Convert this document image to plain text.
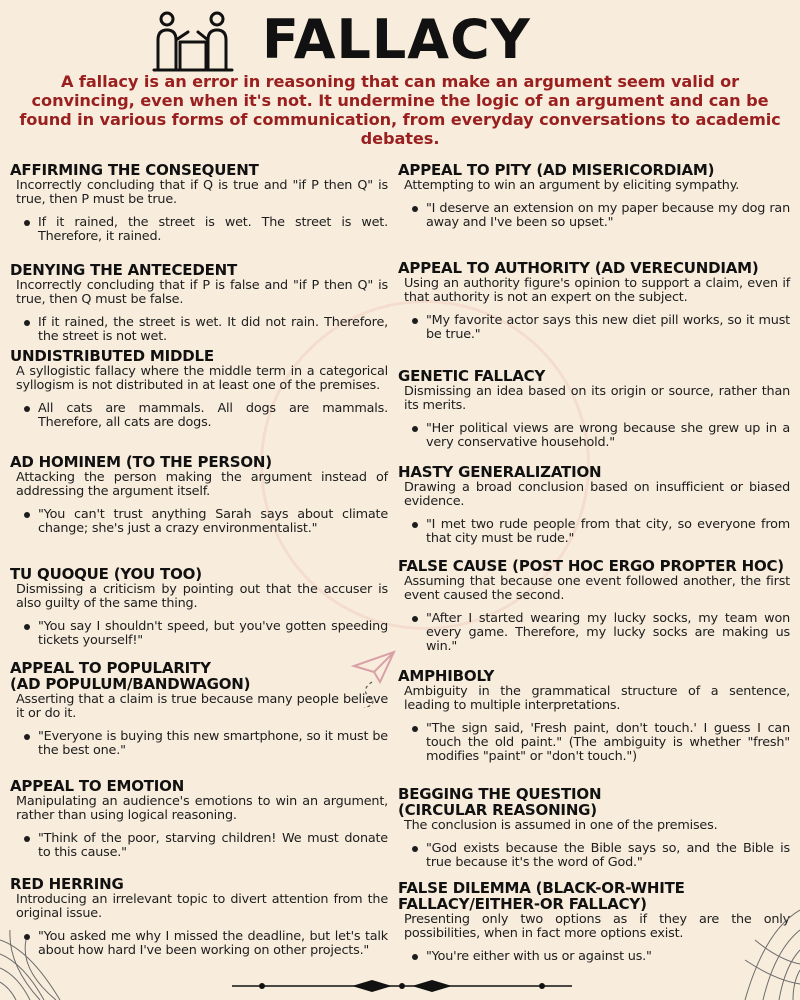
FALLACY
A fallacy is an error in reasoning that can make an argument seem valid or convincing, even when it's not. It undermine the logic of an argument and can be found in various forms of communication, from everyday conversations to academic debates.
AFFIRMING THE CONSEQUENT
Incorrectly concluding that if Q is true and "if P then Q" is true, then P must be true.
If it rained, the street is wet. The street is wet. Therefore, it rained.
DENYING THE ANTECEDENT
Incorrectly concluding that if P is false and "if P then Q" is true, then Q must be false.
If it rained, the street is wet. It did not rain. Therefore, the street is not wet.
UNDISTRIBUTED MIDDLE
A syllogistic fallacy where the middle term in a categorical syllogism is not distributed in at least one of the premises.
All cats are mammals. All dogs are mammals. Therefore, all cats are dogs.
AD HOMINEM (TO THE PERSON)
Attacking the person making the argument instead of addressing the argument itself.
"You can't trust anything Sarah says about climate change; she's just a crazy environmentalist."
TU QUOQUE (YOU TOO)
Dismissing a criticism by pointing out that the accuser is also guilty of the same thing.
"You say I shouldn't speed, but you've gotten speeding tickets yourself!"
APPEAL TO POPULARITY
(AD POPULUM/BANDWAGON)
Asserting that a claim is true because many people believe it or do it.
"Everyone is buying this new smartphone, so it must be the best one."
APPEAL TO EMOTION
Manipulating an audience's emotions to win an argument, rather than using logical reasoning.
"Think of the poor, starving children! We must donate to this cause."
RED HERRING
Introducing an irrelevant topic to divert attention from the original issue.
"You asked me why I missed the deadline, but let's talk about how hard I've been working on other projects."
APPEAL TO PITY (AD MISERICORDIAM)
Attempting to win an argument by eliciting sympathy.
"I deserve an extension on my paper because my dog ran away and I've been so upset."
APPEAL TO AUTHORITY (AD VERECUNDIAM)
Using an authority figure's opinion to support a claim, even if that authority is not an expert on the subject.
"My favorite actor says this new diet pill works, so it must be true."
GENETIC FALLACY
Dismissing an idea based on its origin or source, rather than its merits.
"Her political views are wrong because she grew up in a very conservative household."
HASTY GENERALIZATION
Drawing a broad conclusion based on insufficient or biased evidence.
"I met two rude people from that city, so everyone from that city must be rude."
FALSE CAUSE (POST HOC ERGO PROPTER HOC)
Assuming that because one event followed another, the first event caused the second.
"After I started wearing my lucky socks, my team won every game. Therefore, my lucky socks are making us win."
AMPHIBOLY
Ambiguity in the grammatical structure of a sentence, leading to multiple interpretations.
"The sign said, 'Fresh paint, don't touch.' I guess I can touch the old paint." (The ambiguity is whether "fresh" modifies "paint" or "don't touch.")
BEGGING THE QUESTION
(CIRCULAR REASONING)
The conclusion is assumed in one of the premises.
"God exists because the Bible says so, and the Bible is true because it's the word of God."
FALSE DILEMMA (BLACK-OR-WHITE
FALLACY/EITHER-OR FALLACY)
Presenting only two options as if they are the only possibilities, when in fact more options exist.
"You're either with us or against us."
